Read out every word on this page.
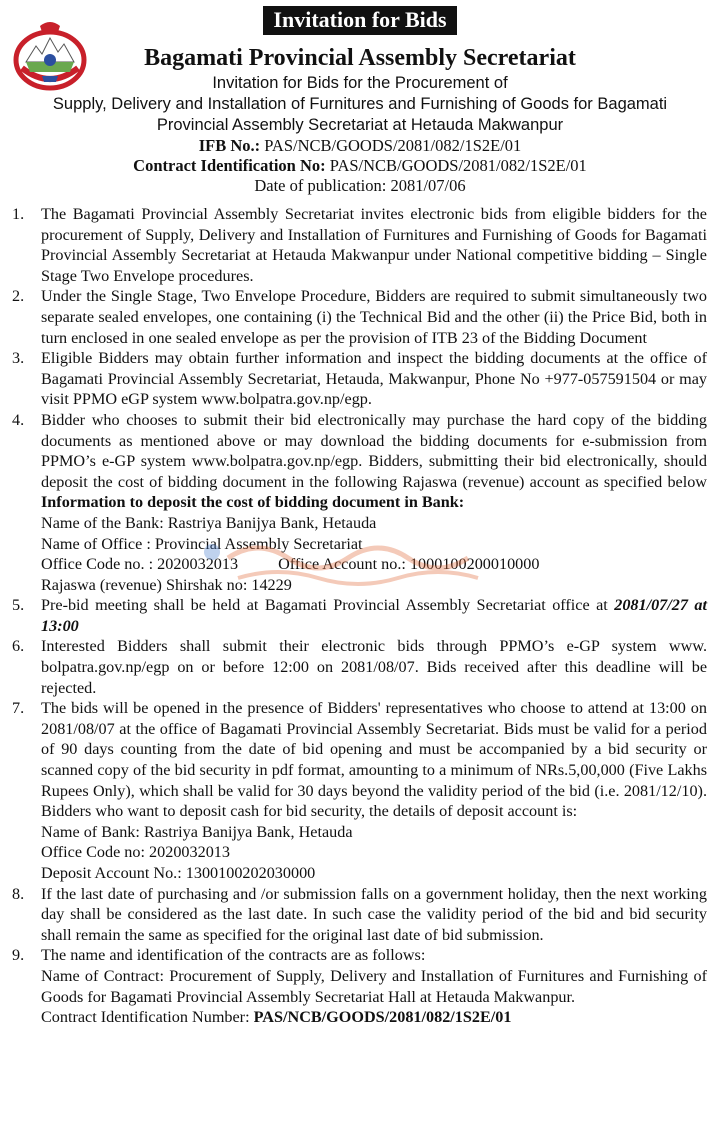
Invitation for Bids
Bagamati Provincial Assembly Secretariat
Invitation for Bids for the Procurement of
Supply, Delivery and Installation of Furnitures and Furnishing of Goods for Bagamati
Provincial Assembly Secretariat at Hetauda Makwanpur
IFB No.: PAS/NCB/GOODS/2081/082/1S2E/01
Contract Identification No: PAS/NCB/GOODS/2081/082/1S2E/01
Date of publication: 2081/07/06
1. The Bagamati Provincial Assembly Secretariat invites electronic bids from eligible bidders for the procurement of Supply, Delivery and Installation of Furnitures and Furnishing of Goods for Bagamati Provincial Assembly Secretariat at Hetauda Makwanpur under National competitive bidding – Single Stage Two Envelope procedures.
2. Under the Single Stage, Two Envelope Procedure, Bidders are required to submit simultaneously two separate sealed envelopes, one containing (i) the Technical Bid and the other (ii) the Price Bid, both in turn enclosed in one sealed envelope as per the provision of ITB 23 of the Bidding Document
3. Eligible Bidders may obtain further information and inspect the bidding documents at the office of Bagamati Provincial Assembly Secretariat, Hetauda, Makwanpur, Phone No +977-057591504 or may visit PPMO eGP system www.bolpatra.gov.np/egp.
4. Bidder who chooses to submit their bid electronically may purchase the hard copy of the bidding documents as mentioned above or may download the bidding documents for e-submission from PPMO’s e-GP system www.bolpatra.gov.np/egp. Bidders, submitting their bid electronically, should deposit the cost of bidding document in the following Rajaswa (revenue) account as specified below Information to deposit the cost of bidding document in Bank:
Name of the Bank: Rastriya Banijya Bank, Hetauda
Name of Office : Provincial Assembly Secretariat
Office Code no. : 2020032013 Office Account no.: 1000100200010000
Rajaswa (revenue) Shirshak no: 14229
5. Pre-bid meeting shall be held at Bagamati Provincial Assembly Secretariat office at 2081/07/27 at 13:00
6. Interested Bidders shall submit their electronic bids through PPMO’s e-GP system www. bolpatra.gov.np/egp on or before 12:00 on 2081/08/07. Bids received after this deadline will be rejected.
7. The bids will be opened in the presence of Bidders' representatives who choose to attend at 13:00 on 2081/08/07 at the office of Bagamati Provincial Assembly Secretariat. Bids must be valid for a period of 90 days counting from the date of bid opening and must be accompanied by a bid security or scanned copy of the bid security in pdf format, amounting to a minimum of NRs.5,00,000 (Five Lakhs Rupees Only), which shall be valid for 30 days beyond the validity period of the bid (i.e. 2081/12/10). Bidders who want to deposit cash for bid security, the details of deposit account is:
Name of Bank: Rastriya Banijya Bank, Hetauda
Office Code no: 2020032013
Deposit Account No.: 1300100202030000
8. If the last date of purchasing and /or submission falls on a government holiday, then the next working day shall be considered as the last date. In such case the validity period of the bid and bid security shall remain the same as specified for the original last date of bid submission.
9. The name and identification of the contracts are as follows:
Name of Contract: Procurement of Supply, Delivery and Installation of Furnitures and Furnishing of Goods for Bagamati Provincial Assembly Secretariat Hall at Hetauda Makwanpur.
Contract Identification Number: PAS/NCB/GOODS/2081/082/1S2E/01
